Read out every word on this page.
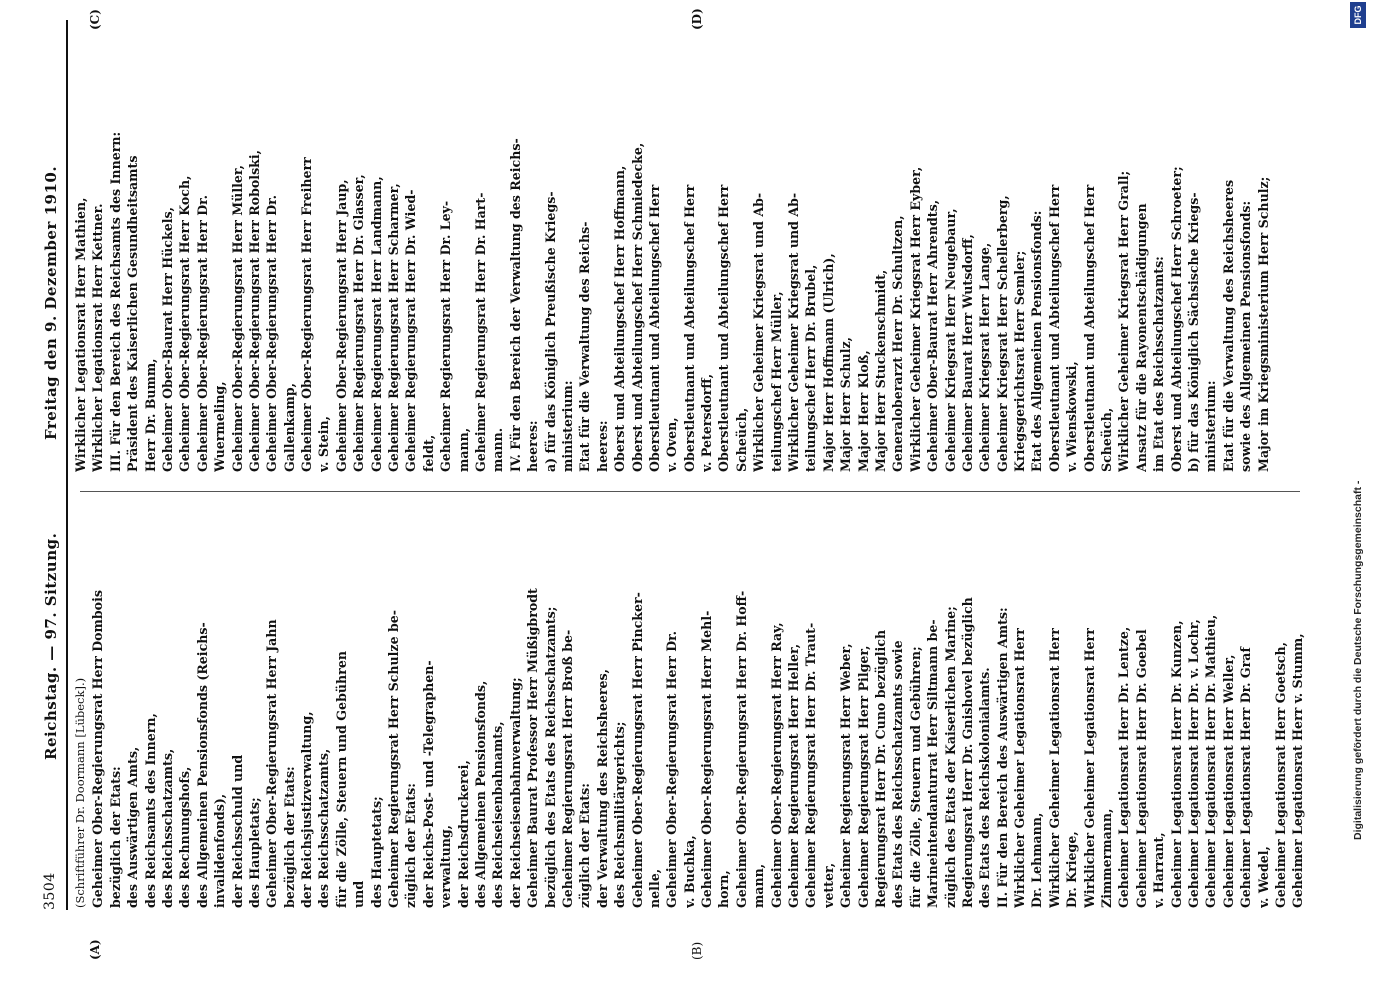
3504
Reichstag. — 97. Sitzung.
Freitag den 9. Dezember 1910.
(A)	(B)
(C)	(D)
(Schriftführer Dr. Doormann [Lübeck].) Geheimer Ober-Regierungsrat Herr Dombois bezüglich der Etats: des Auswärtigen Amts, des Reichsamts des Innern, des Reichsschatzamts, des Rechnungshofs, des Allgemeinen Pensionsfonds (Reichs- invalidenfonds), der Reichsschuld und des Haupletats; Geheimer Ober-Regierungsrat Herr Jahn bezüglich der Etats: der Reichsjustizverwaltung, des Reichsschatzamts, für die Zölle, Steuern und Gebühren und des Hauptetats; Geheimer Regierungsrat Herr Schulze be- züglich der Etats: der Reichs-Post- und -Telegraphen- verwaltung, der Reichsdruckerei, des Allgemeinen Pensionsfonds, des Reichseisenbahnamts, der Reichseisenbahnverwaltung; Geheimer Baurat Professor Herr Müßigbrodt bezüglich des Etats des Reichsschatzamts; Geheimer Regierungsrat Herr Broß be- züglich der Etats: der Verwaltung des Reichsheeres, des Reichsmilitärgerichts; Geheimer Ober-Regierungsrat Herr Pincker- nelle, Geheimer Ober-Regierungsrat Herr Dr. v. Buchka, Geheimer Ober-Regierungsrat Herr Mehl- horn, Geheimer Ober-Regierungsrat Herr Dr. Hoff- mann, Geheimer Ober-Regierungsrat Herr Ray, Geheimer Regierungsrat Herr Heller, Geheimer Regierungsrat Herr Dr. Traut- vetter, Geheimer Regierungsrat Herr Weber, Geheimer Regierungsrat Herr Pilger, Regierungsrat Herr Dr. Cuno bezüglich des Etats des Reichsschatzamts sowie für die Zölle, Steuern und Gebühren; Marineintendanturrat Herr Siltmann be- züglich des Etats der Kaiserlichen Marine; Regierungsrat Herr Dr. Gnishovel bezüglich des Etats des Reichskolonialamts. II. Für den Bereich des Auswärtigen Amts: Wirklicher Geheimer Legationsrat Herr Dr. Lehmann, Wirklicher Geheimer Legationsrat Herr Dr. Kriege, Wirklicher Geheimer Legationsrat Herr Zimmermann, Geheimer Legationsrat Herr Dr. Lentze, Geheimer Legationsrat Herr Dr. Goebel v. Harrant, Geheimer Legationsrat Herr Dr. Kunzen, Geheimer Legationsrat Herr Dr. v. Lochr, Geheimer Legationsrat Herr Dr. Mathieu, Geheimer Legationsrat Herr Weller, Geheimer Legationsrat Herr Dr. Graf v. Wedel, Geheimer Legationsrat Herr Goetsch, Geheimer Legationsrat Herr v. Stumm,
Wirklicher Legationsrat Herr Mathien, Wirklicher Legationsrat Herr Kettner. III. Für den Bereich des Reichsamts des Innern: Präsident des Kaiserlichen Gesundheitsamts Herr Dr. Bumm, Geheimer Ober-Baurat Herr Hückels, Geheimer Ober-Regierungsrat Herr Koch, Geheimer Ober-Regierungsrat Herr Dr. Wuermeling, Geheimer Ober-Regierungsrat Herr Müller, Geheimer Ober-Regierungsrat Herr Robolski, Geheimer Ober-Regierungsrat Herr Dr. Gallenkamp, Geheimer Ober-Regierungsrat Herr Freiherr v. Stein, Geheimer Ober-Regierungsrat Herr Jaup, Geheimer Regierungsrat Herr Dr. Glasser, Geheimer Regierungsrat Herr Landmann, Geheimer Regierungsrat Herr Scharmer, Geheimer Regierungsrat Herr Dr. Wied- feldt, Geheimer Regierungsrat Herr Dr. Ley- mann, Geheimer Regierungsrat Herr Dr. Hart- mann. IV. Für den Bereich der Verwaltung des Reichs- heeres: a) für das Königlich Preußische Kriegs- ministerium: Etat für die Verwaltung des Reichs- heeres: Oberst und Abteilungschef Herr Hoffmann, Oberst und Abteilungschef Herr Schmiedecke, Oberstleutnant und Abteilungschef Herr v. Oven, Oberstleutnant und Abteilungschef Herr v. Petersdorff, Oberstleutnant und Abteilungschef Herr Scheüch, Wirklicher Geheimer Kriegsrat und Ab- teilungschef Herr Müller, Wirklicher Geheimer Kriegsrat und Ab- teilungschef Herr Dr. Brubel, Major Herr Hoffmann (Ulrich), Major Herr Schulz, Major Herr Kloß, Major Herr Stuckenschmidt, Generaloberarzt Herr Dr. Schultzen, Wirklicher Geheimer Kriegsrat Herr Eyber, Geheimer Ober-Baurat Herr Ahrendts, Geheimer Kriegsrat Herr Neugebaur, Geheimer Baurat Herr Wutsdorff, Geheimer Kriegsrat Herr Lange, Geheimer Kriegsrat Herr Schellerberg, Kriegsgerichtsrat Herr Semler; Etat des Allgemeinen Pensionsfonds: Oberstleutnant und Abteilungschef Herr v. Wienskowski, Oberstleutnant und Abteilungschef Herr Scheüch, Wirklicher Geheimer Kriegsrat Herr Grall; Ansatz für die Rayonentschädigungen im Etat des Reichsschatzamts: Oberst und Abteilungschef Herr Schroeter; b) für das Königlich Sächsische Kriegs- ministerium: Etat für die Verwaltung des Reichsheeres sowie des Allgemeinen Pensionsfonds: Major im Kriegsministerium Herr Schulz;
Digitalisierung gefördert durch die Deutsche Forschungsgemeinschaft -
DFG
